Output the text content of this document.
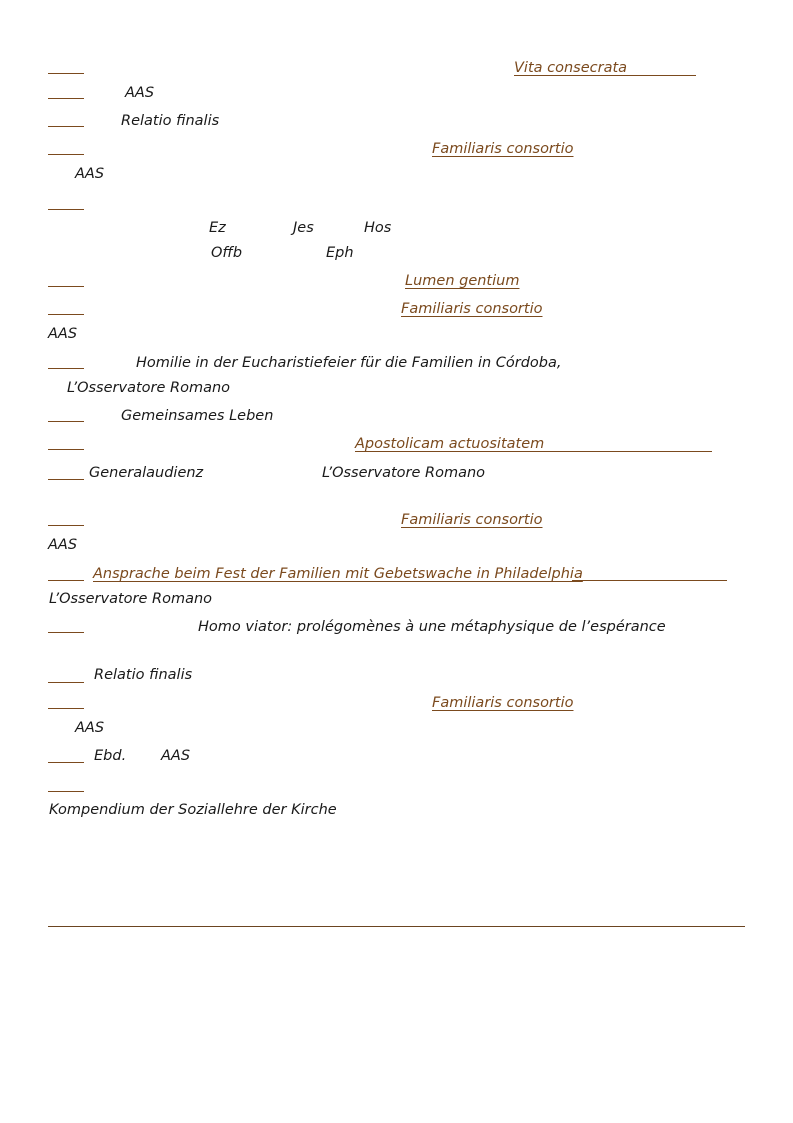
Vita consecrata
AAS
Relatio finalis
Familiaris consortio
AAS
Ez	Jes	Hos
Offb	Eph
Lumen gentium
Familiaris consortio
AAS
Homilie in der Eucharistiefeier für die Familien in Córdoba,
L’Osservatore Romano
Gemeinsames Leben
Apostolicam actuositatem
Generalaudienz	L’Osservatore Romano
Familiaris consortio
AAS
Ansprache beim Fest der Familien mit Gebetswache in Philadelphia
L’Osservatore Romano
Homo viator: prolégomènes à une métaphysique de l’espérance
Relatio finalis
Familiaris consortio
AAS
Ebd. AAS
Kompendium der Soziallehre der Kirche
